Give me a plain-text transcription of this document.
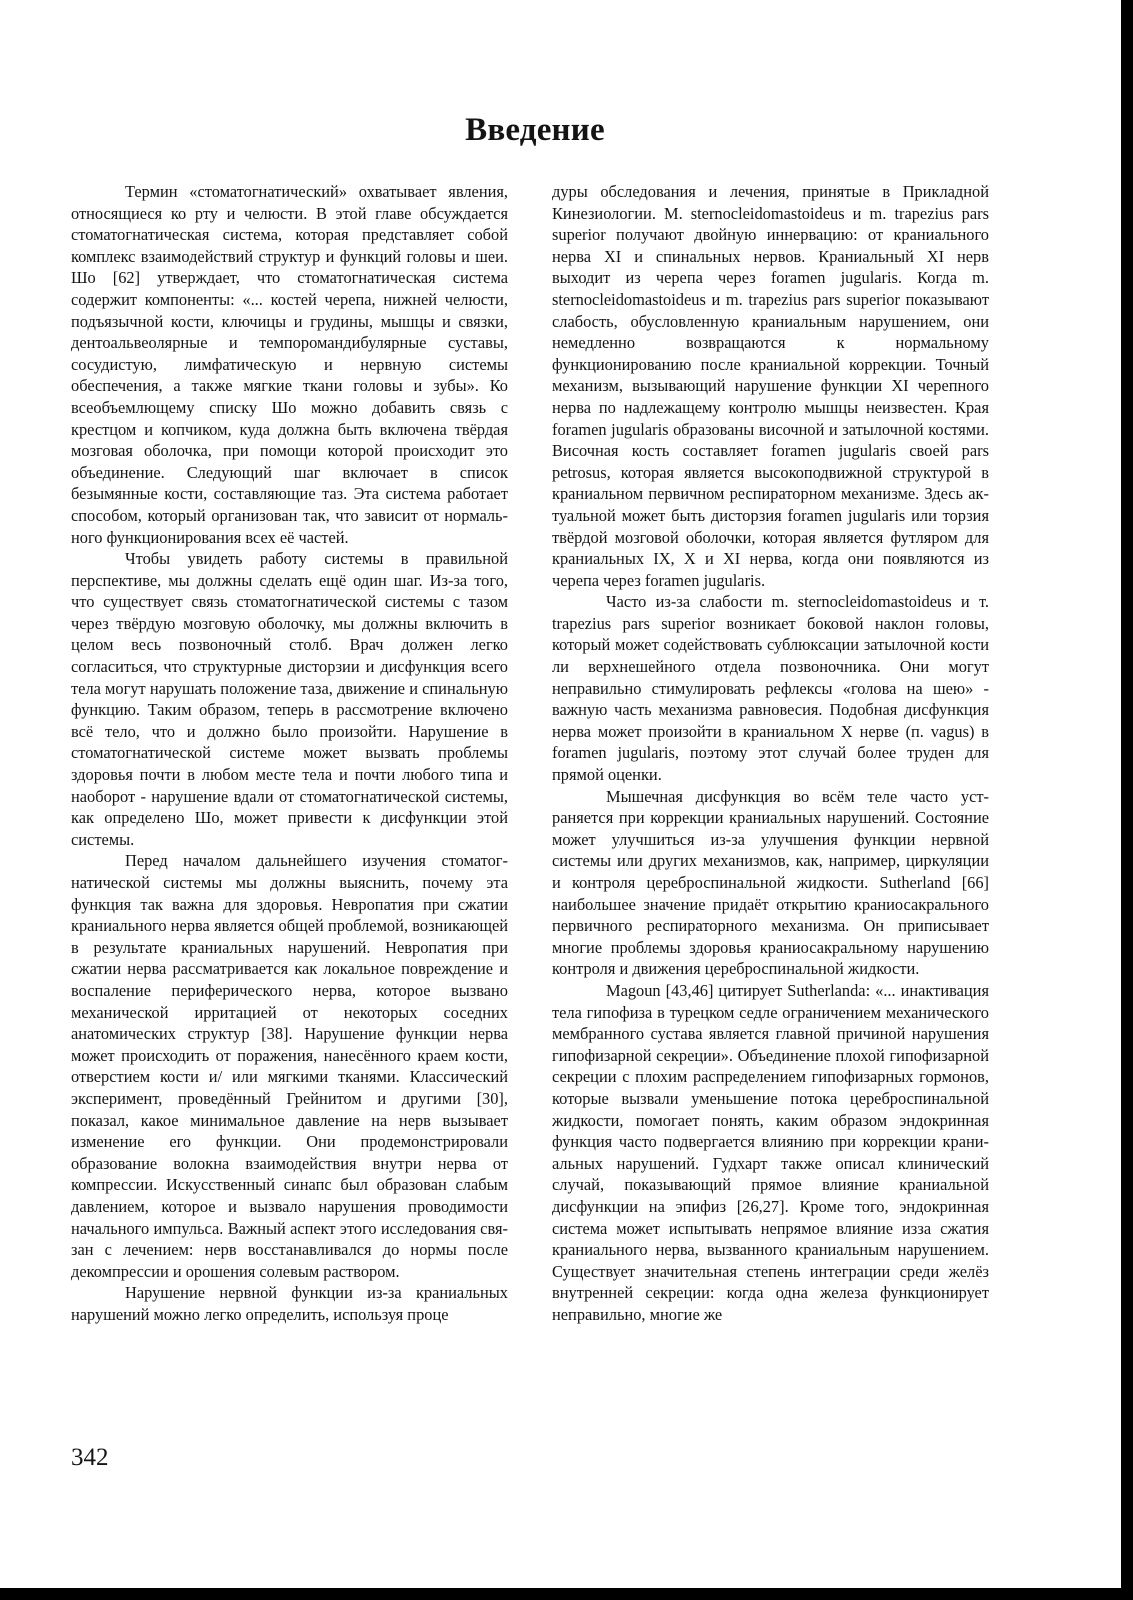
Введение

Термин «стоматогнатический» охватывает явления, относящиеся ко рту и челюсти. В этой главе обсуждается стоматогнатическая система, которая представляет собой комплекс взаимодействий структур и функций головы и шеи. Шо [62] утверждает, что стоматогнатическая система содержит компоненты: «... костей черепа, нижней челюсти, подъязычной кости, ключицы и грудины, мышцы и связки, дентоальвеолярные и темпоромандибулярные суставы, сосудистую, лимфатическую и нервную системы обеспечения, а также мягкие ткани головы и зубы». Ко всеобъемлющему списку Шо можно добавить связь с крестцом и копчиком, куда должна быть включена твёрдая мозговая оболочка, при помощи которой происходит это объединение. Следующий шаг включает в список безымянные кости, составляющие таз. Эта система работает способом, который организован так, что зависит от нормального функционирования всех её частей.

Чтобы увидеть работу системы в правильной перспективе, мы должны сделать ещё один шаг. Из-за того, что существует связь стоматогнатической системы с тазом через твёрдую мозговую оболочку, мы должны включить в целом весь позвоночный столб. Врач должен легко согласиться, что структурные дисторзии и дисфункция всего тела могут нарушать положение таза, движение и спинальную функцию. Таким образом, теперь в рассмотрение включено всё тело, что и должно было произойти. Нарушение в стоматогнатической системе может вызвать проблемы здоровья почти в любом месте тела и почти любого типа и наоборот - нарушение вдали от стоматогнатической системы, как определено Шо, может привести к дисфункции этой системы.

Перед началом дальнейшего изучения стоматогнатической системы мы должны выяснить, почему эта функция так важна для здоровья. Невропатия при сжатии краниального нерва является общей проблемой, возникающей в результате краниальных нарушений. Невропатия при сжатии нерва рассматривается как локальное повреждение и воспаление периферического нерва, которое вызвано механической ирритацией от некоторых соседних анатомических структур [38]. Нарушение функции нерва может происходить от поражения, нанесённого краем кости, отверстием кости и/ или мягкими тканями. Классический эксперимент, проведённый Грейнитом и другими [30], показал, какое минимальное давление на нерв вызывает изменение его функции. Они продемонстрировали образование волокна взаимодействия внутри нерва от компрессии. Искусственный синапс был образован слабым давлением, которое и вызвало нарушения проводимости начального импульса. Важный аспект этого исследования связан с лечением: нерв восстанавливался до нормы после декомпрессии и орошения солевым раствором.

Нарушение нервной функции из-за краниальных нарушений можно легко определить, используя проце

дуры обследования и лечения, принятые в Прикладной Кинезиологии. M. sternocleidomastoideus и m. trapezius pars superior получают двойную иннервацию: от краниального нерва XI и спинальных нервов. Краниальный XI нерв выходит из черепа через foramen jugularis. Когда m. sternocleidomastoideus и m. trapezius pars superior показывают слабость, обусловленную краниальным нарушением, они немедленно возвращаются к нормальному функционированию после краниальной коррекции. Точный механизм, вызывающий нарушение функции XI черепного нерва по надлежащему контролю мышцы неизвестен. Края foramen jugularis образованы височной и затылочной костями. Височная кость составляет foramen jugularis своей pars petrosus, которая является высокоподвижной структурой в краниальном первичном респираторном механизме. Здесь актуальной может быть дисторзия foramen jugularis или торзия твёрдой мозговой оболочки, которая является футляром для краниальных IX, X и XI нерва, когда они появляются из черепа через foramen jugularis.

Часто из-за слабости m. sternocleidomastoideus и т. trapezius pars superior возникает боковой наклон головы, который может содействовать сублюксации затылочной кости ли верхнешейного отдела позвоночника. Они могут неправильно стимулировать рефлексы «голова на шею» - важную часть механизма равновесия. Подобная дисфункция нерва может произойти в краниальном X нерве (п. vagus) в foramen jugularis, поэтому этот случай более труден для прямой оценки.

Мышечная дисфункция во всём теле часто устраняется при коррекции краниальных нарушений. Состояние может улучшиться из-за улучшения функции нервной системы или других механизмов, как, например, циркуляции и контроля цереброспинальной жидкости. Sutherland [66] наибольшее значение придаёт открытию краниосакрального первичного респираторного механизма. Он приписывает многие проблемы здоровья краниосакральному нарушению контроля и движения цереброспинальной жидкости.

Magoun [43,46] цитирует Sutherlanda: «... инактивация тела гипофиза в турецком седле ограничением механического мембранного сустава является главной причиной нарушения гипофизарной секреции». Объединение плохой гипофизарной секреции с плохим распределением гипофизарных гормонов, которые вызвали уменьшение потока цереброспинальной жидкости, помогает понять, каким образом эндокринная функция часто подвергается влиянию при коррекции краниальных нарушений. Гудхарт также описал клинический случай, показывающий прямое влияние краниальной дисфункции на эпифиз [26,27]. Кроме того, эндокринная система может испытывать непрямое влияние изза сжатия краниального нерва, вызванного краниальным нарушением. Существует значительная степень интеграции среди желёз внутренней секреции: когда одна железа функционирует неправильно, многие же

342
